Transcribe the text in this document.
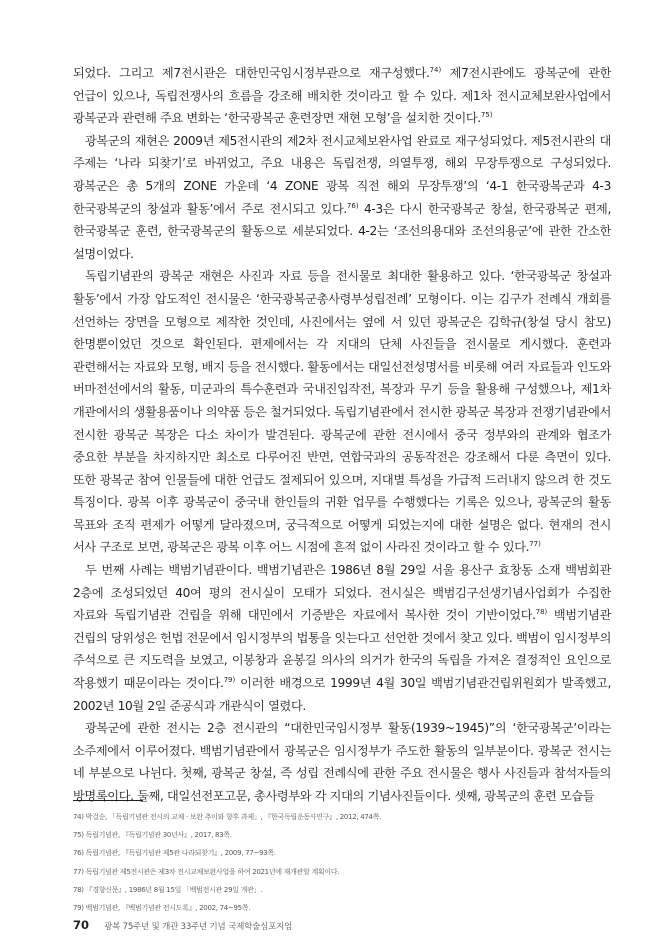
되었다. 그리고 제7전시관은 대한민국임시정부관으로 재구성했다.$^{74)}$ 제7전시관에도 광복군에 관한 언급이 있으나, 독립전쟁사의 흐름을 강조해 배치한 것이라고 할 수 있다. 제1차 전시교체보완사업에서 광복군과 관련해 주요 변화는 ‘한국광복군 훈련장면 재현 모형’을 설치한 것이다.$^{75)}$

광복군의 재현은 2009년 제5전시관의 제2차 전시교체보완사업 완료로 재구성되었다. 제5전시관의 대 주제는 ‘나라 되찾기’로 바뀌었고, 주요 내용은 독립전쟁, 의열투쟁, 해외 무장투쟁으로 구성되었다. 광복군은 총 5개의 ZONE 가운데 ‘4 ZONE 광복 직전 해외 무장투쟁’의 ‘4-1 한국광복군과 4-3 한국광복군의 창설과 활동’에서 주로 전시되고 있다.$^{76)}$ 4-3은 다시 한국광복군 창설, 한국광복군 편제, 한국광복군 훈련, 한국광복군의 활동으로 세분되었다. 4-2는 ‘조선의용대와 조선의용군’에 관한 간소한 설명이었다.

독립기념관의 광복군 재현은 사진과 자료 등을 전시물로 최대한 활용하고 있다. ‘한국광복군 창설과 활동’에서 가장 압도적인 전시물은 ‘한국광복군총사령부성립전례’ 모형이다. 이는 김구가 전례식 개회를 선언하는 장면을 모형으로 제작한 것인데, 사진에서는 옆에 서 있던 광복군은 김학규(창설 당시 참모) 한명뿐이었던 것으로 확인된다. 편제에서는 각 지대의 단체 사진들을 전시물로 게시했다. 훈련과 관련해서는 자료와 모형, 배지 등을 전시했다. 활동에서는 대일선전성명서를 비롯해 여러 자료들과 인도와 버마전선에서의 활동, 미군과의 특수훈련과 국내진입작전, 복장과 무기 등을 활용해 구성했으나, 제1차 개관에서의 생활용품이나 의약품 등은 철거되었다. 독립기념관에서 전시한 광복군 복장과 전쟁기념관에서 전시한 광복군 복장은 다소 차이가 발견된다. 광복군에 관한 전시에서 중국 정부와의 관계와 협조가 중요한 부분을 차지하지만 최소로 다루어진 반면, 연합국과의 공동작전은 강조해서 다룬 측면이 있다. 또한 광복군 참여 인물들에 대한 언급도 절제되어 있으며, 지대별 특성을 가급적 드러내지 않으려 한 것도 특징이다. 광복 이후 광복군이 중국내 한인들의 귀환 업무를 수행했다는 기록은 있으나, 광복군의 활동 목표와 조직 편제가 어떻게 달라졌으며, 궁극적으로 어떻게 되었는지에 대한 설명은 없다. 현재의 전시 서사 구조로 보면, 광복군은 광복 이후 어느 시점에 흔적 없이 사라진 것이라고 할 수 있다.$^{77)}$

두 번째 사례는 백범기념관이다. 백범기념관은 1986년 8월 29일 서울 용산구 효창동 소재 백범회관 2층에 조성되었던 40여 평의 전시실이 모태가 되었다. 전시실은 백범김구선생기념사업회가 수집한 자료와 독립기념관 건립을 위해 대민에서 기증받은 자료에서 복사한 것이 기반이었다.$^{78)}$ 백범기념관 건립의 당위성은 헌법 전문에서 임시정부의 법통을 잇는다고 선언한 것에서 찾고 있다. 백범이 임시정부의 주석으로 큰 지도력을 보였고, 이봉창과 윤봉길 의사의 의거가 한국의 독립을 가져온 결정적인 요인으로 작용했기 때문이라는 것이다.$^{79)}$ 이러한 배경으로 1999년 4월 30일 백범기념관건립위원회가 발족했고, 2002년 10월 2일 준공식과 개관식이 열렸다.

광복군에 관한 전시는 2층 전시관의 “대한민국임시정부 활동(1939~1945)”의 ‘한국광복군’이라는 소주제에서 이루어졌다. 백범기념관에서 광복군은 임시정부가 주도한 활동의 일부분이다. 광복군 전시는 네 부분으로 나뉜다. 첫째, 광복군 창설, 즉 성립 전례식에 관한 주요 전시물은 행사 사진들과 참석자들의 방명록이다. 둘째, 대일선전포고문, 총사령부와 각 지대의 기념사진들이다. 셋째, 광복군의 훈련 모습들

74) 박걸순, 「독립기념관 전시의 교체 · 보완 추이와 향후 과제」, 『한국독립운동사연구』, 2012, 474쪽.

75) 독립기념관, 『독립기념관 30년사』, 2017, 83쪽.

76) 독립기념관, 『독립기념관 제5관 나라되찾기』, 2009, 77~93쪽.

77) 독립기념관 제5전시관은 제3차 전시교체보완사업을 하여 2021년에 재개관할 계획이다.

78) 『경향신문』, 1986년 8월 15일 「백범전시관 29일 개관」.

79) 백범기념관, 『백범기념관 전시도록』, 2002, 74~95쪽.

70 광복 75주년 및 개관 33주년 기념 국제학술심포지엄
